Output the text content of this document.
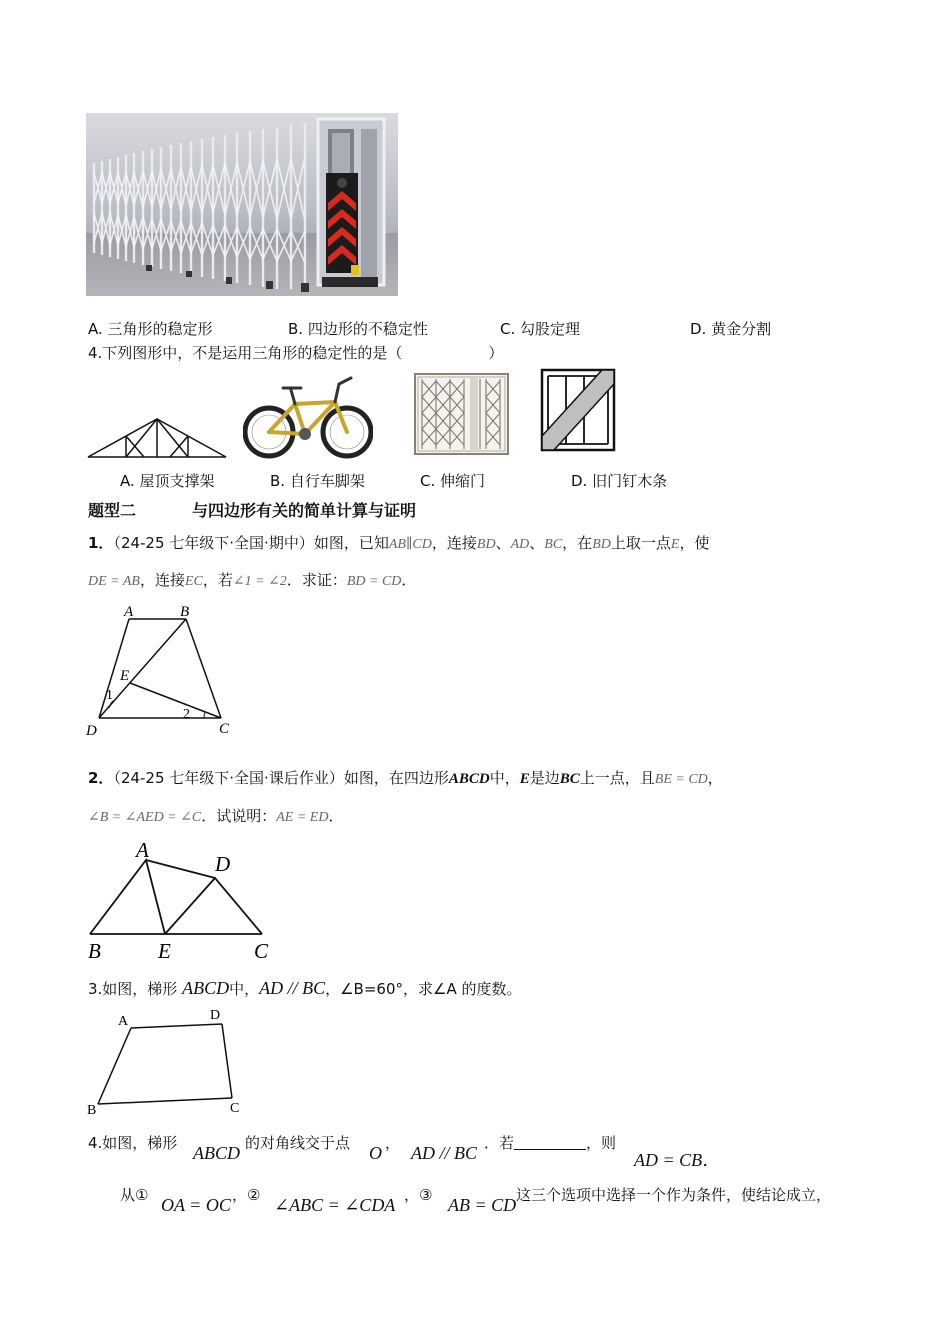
A. 三角形的稳定形	B. 四边形的不稳定性	C. 勾股定理	D. 黄金分割
4.下列图形中，不是运用三角形的稳定性的是（	）
A. 屋顶支撑架	B. 自行车脚架	C. 伸缩门	D. 旧门钉木条
题型二	与四边形有关的简单计算与证明
1．（24-25 七年级下·全国·期中）如图，已知AB∥CD，连接BD、AD、BC，在BD上取一点E，使
DE = AB，连接EC，若∠1 = ∠2．求证：BD = CD．
A	B
E
D	C
1
2
2．（24-25 七年级下·全国·课后作业）如图，在四边形ABCD中，E是边BC上一点，且BE = CD，
∠B = ∠AED = ∠C．试说明：AE = ED．
A
D
B	E	C
3.如图，梯形 ABCD中，AD // BC，∠B=60°，求∠A 的度数。
A	D
B	C
4.如图，梯形 ABCD 的对角线交于点 O ， AD // BC ．若	，则
AD = CB．
从① OA = OC ，② ∠ABC = ∠CDA ，③ AB = CD 这三个选项中选择一个作为条件，使结论成立，
